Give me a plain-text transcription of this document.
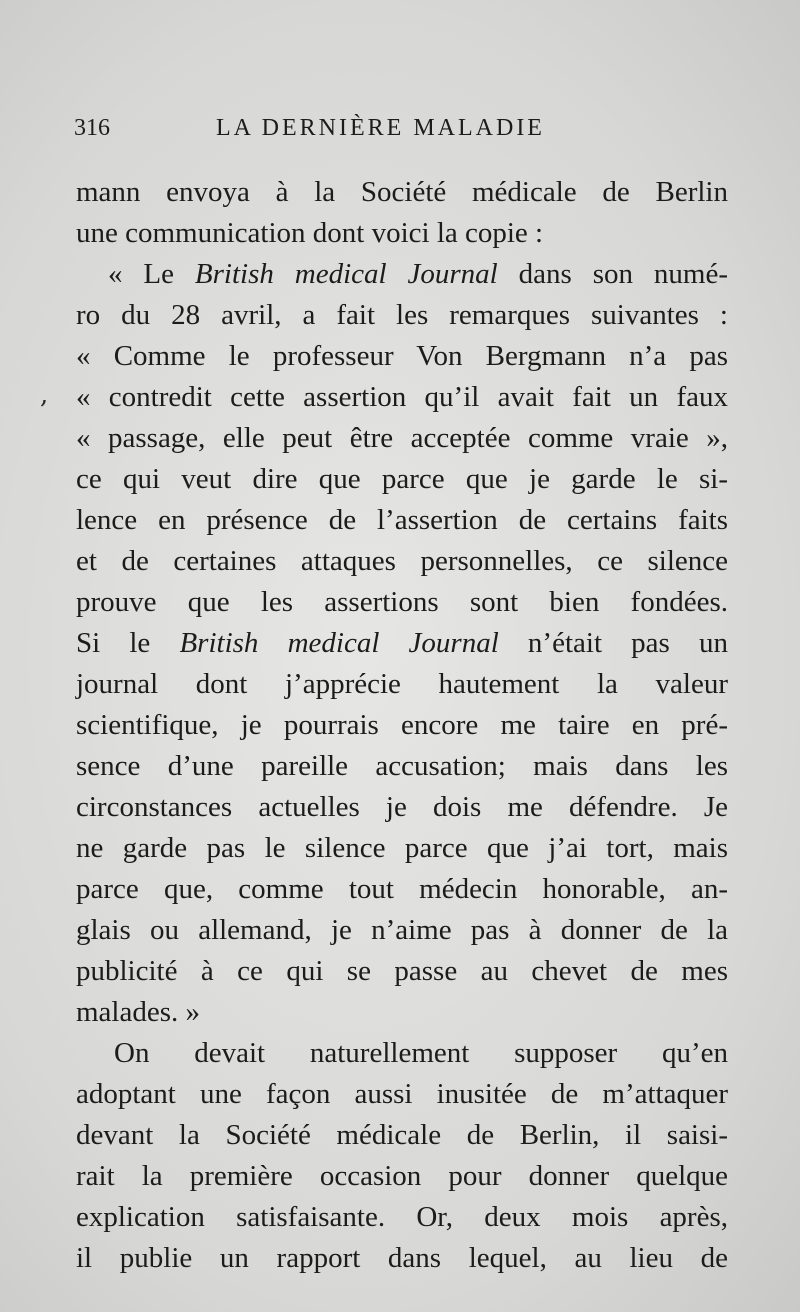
316	LA DERNIÈRE MALADIE
,
mann envoya à la Société médicale de Berlin
une communication dont voici la copie :
« Le British medical Journal dans son numé-
ro du 28 avril, a fait les remarques suivantes :
« Comme le professeur Von Bergmann n’a pas
« contredit cette assertion qu’il avait fait un faux
« passage, elle peut être acceptée comme vraie »,
ce qui veut dire que parce que je garde le si-
lence en présence de l’assertion de certains faits
et de certaines attaques personnelles, ce silence
prouve que les assertions sont bien fondées.
Si le British medical Journal n’était pas un
journal dont j’apprécie hautement la valeur
scientifique, je pourrais encore me taire en pré-
sence d’une pareille accusation; mais dans les
circonstances actuelles je dois me défendre. Je
ne garde pas le silence parce que j’ai tort, mais
parce que, comme tout médecin honorable, an-
glais ou allemand, je n’aime pas à donner de la
publicité à ce qui se passe au chevet de mes
malades. »
On devait naturellement supposer qu’en
adoptant une façon aussi inusitée de m’attaquer
devant la Société médicale de Berlin, il saisi-
rait la première occasion pour donner quelque
explication satisfaisante. Or, deux mois après,
il publie un rapport dans lequel, au lieu de
